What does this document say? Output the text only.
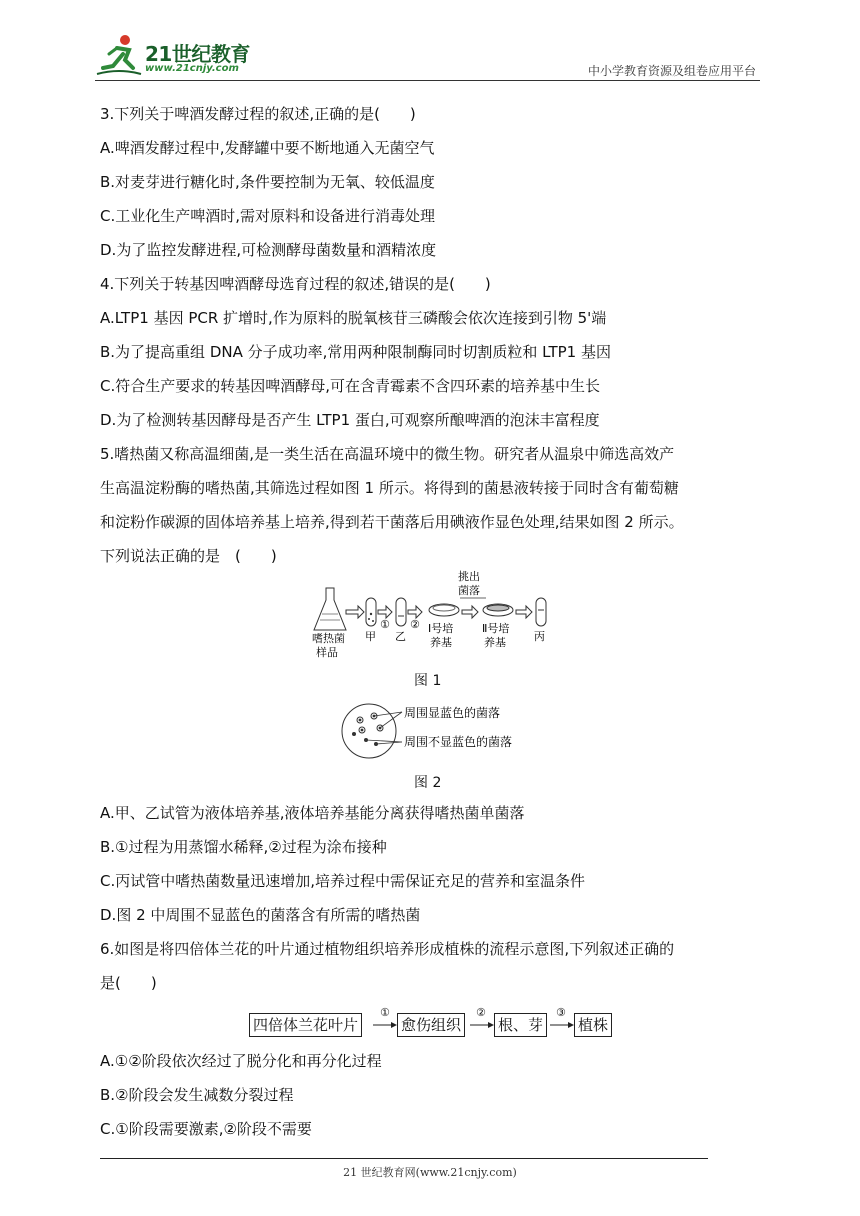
21世纪教育
www.21cnjy.com	中小学教育资源及组卷应用平台
3.下列关于啤酒发酵过程的叙述,正确的是(　　)
A.啤酒发酵过程中,发酵罐中要不断地通入无菌空气
B.对麦芽进行糖化时,条件要控制为无氧、较低温度
C.工业化生产啤酒时,需对原料和设备进行消毒处理
D.为了监控发酵进程,可检测酵母菌数量和酒精浓度
4.下列关于转基因啤酒酵母选育过程的叙述,错误的是(　　)
A.LTP1 基因 PCR 扩增时,作为原料的脱氧核苷三磷酸会依次连接到引物 5'端
B.为了提高重组 DNA 分子成功率,常用两种限制酶同时切割质粒和 LTP1 基因
C.符合生产要求的转基因啤酒酵母,可在含青霉素不含四环素的培养基中生长
D.为了检测转基因酵母是否产生 LTP1 蛋白,可观察所酿啤酒的泡沫丰富程度
5.嗜热菌又称高温细菌,是一类生活在高温环境中的微生物。研究者从温泉中筛选高效产
生高温淀粉酶的嗜热菌,其筛选过程如图 1 所示。将得到的菌悬液转接于同时含有葡萄糖
和淀粉作碳源的固体培养基上培养,得到若干菌落后用碘液作显色处理,结果如图 2 所示。
下列说法正确的是　(　　)
嗜热菌
样品
甲
①
乙
② Ⅰ号培
养基
挑出
菌落
Ⅱ号培
养基	丙
图 1
周围显蓝色的菌落
周围不显蓝色的菌落
图 2
A.甲、乙试管为液体培养基,液体培养基能分离获得嗜热菌单菌落
B.①过程为用蒸馏水稀释,②过程为涂布接种
C.丙试管中嗜热菌数量迅速增加,培养过程中需保证充足的营养和室温条件
D.图 2 中周围不显蓝色的菌落含有所需的嗜热菌
6.如图是将四倍体兰花的叶片通过植物组织培养形成植株的流程示意图,下列叙述正确的
是(　　)
四倍体兰花叶片
①
愈伤组织
②
根、芽
③
植株
A.①②阶段依次经过了脱分化和再分化过程
B.②阶段会发生减数分裂过程
C.①阶段需要激素,②阶段不需要
21 世纪教育网(www.21cnjy.com)
